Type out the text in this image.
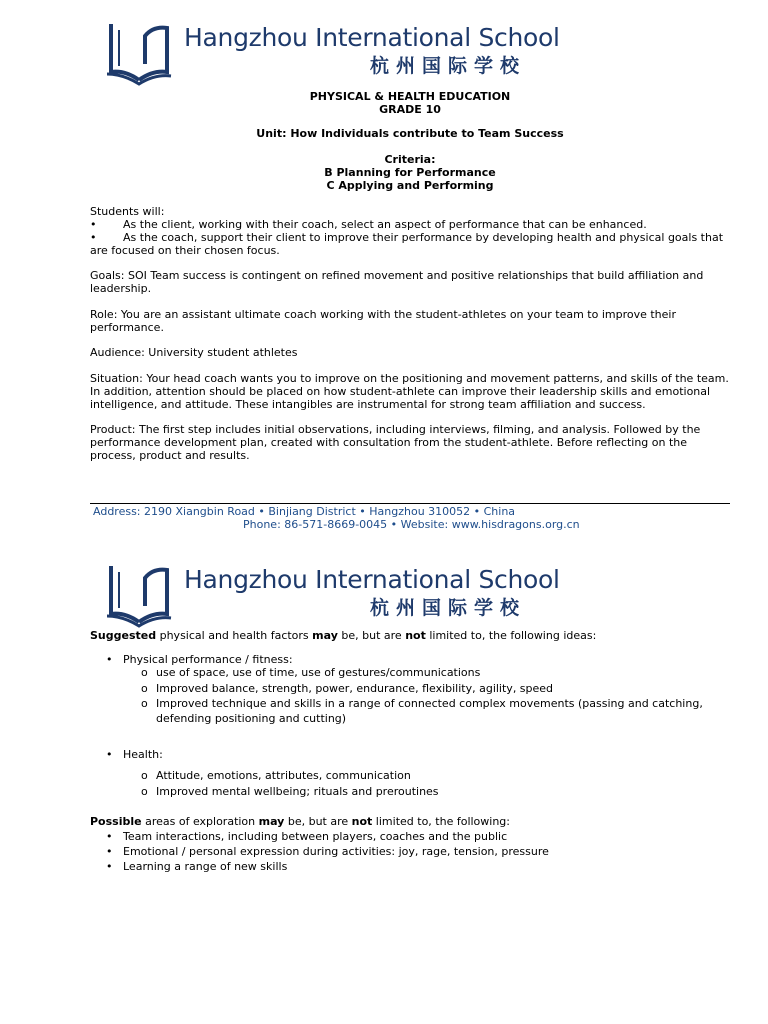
Hangzhou International School
杭州国际学校
PHYSICAL & HEALTH EDUCATION
GRADE 10
Unit: How Individuals contribute to Team Success
Criteria:
B Planning for Performance
C Applying and Performing
Students will:
• As the client, working with their coach, select an aspect of performance that can be enhanced.
• As the coach, support their client to improve their performance by developing health and physical goals that
are focused on their chosen focus.
Goals: SOI Team success is contingent on refined movement and positive relationships that build affiliation and leadership.
Role: You are an assistant ultimate coach working with the student-athletes on your team to improve their performance.
Audience: University student athletes
Situation: Your head coach wants you to improve on the positioning and movement patterns, and skills of the team. In addition, attention should be placed on how student-athlete can improve their leadership skills and emotional intelligence, and attitude. These intangibles are instrumental for strong team affiliation and success.
Product: The first step includes initial observations, including interviews, filming, and analysis. Followed by the performance development plan, created with consultation from the student-athlete. Before reflecting on the process, product and results.
Address: 2190 Xiangbin Road • Binjiang District • Hangzhou 310052 • China
Phone: 86-571-8669-0045 • Website: www.hisdragons.org.cn
Hangzhou International School
杭州国际学校
Suggested physical and health factors may be, but are not limited to, the following ideas:
• Physical performance / fitness:
o use of space, use of time, use of gestures/communications
o Improved balance, strength, power, endurance, flexibility, agility, speed
o Improved technique and skills in a range of connected complex movements (passing and catching,
defending positioning and cutting)
• Health:
o Attitude, emotions, attributes, communication
o Improved mental wellbeing; rituals and preroutines
Possible areas of exploration may be, but are not limited to, the following:
• Team interactions, including between players, coaches and the public
• Emotional / personal expression during activities: joy, rage, tension, pressure
• Learning a range of new skills
